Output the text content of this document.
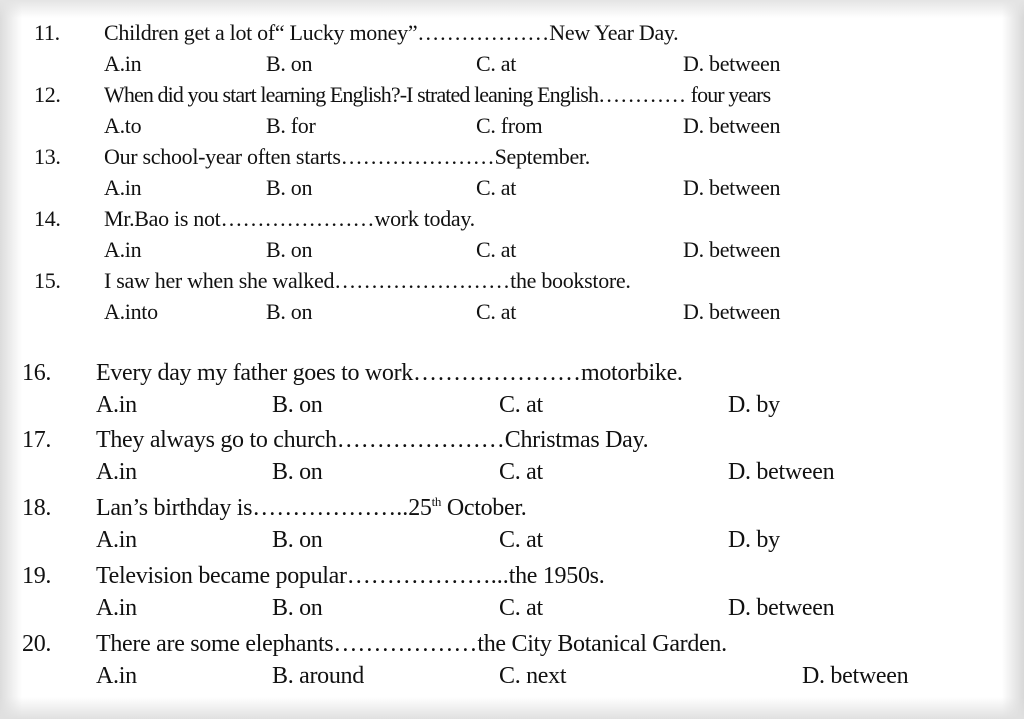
11. Children get a lot of“ Lucky money”………………New Year Day.
A.in	B. on	C. at	D. between
12. When did you start learning English?-I strated leaning English………… four years
A.to	B. for	C. from	D. between
13. Our school-year often starts…………………September.
A.in	B. on	C. at	D. between
14. Mr.Bao is not…………………work today.
A.in	B. on	C. at	D. between
15. I saw her when she walked……………………the bookstore.
A.into	B. on	C. at	D. between
16. Every day my father goes to work…………………motorbike.
A.in	B. on	C. at	D. by
17. They always go to church…………………Christmas Day.
A.in	B. on	C. at	D. between
18. Lan’s birthday is………………..25th October.
A.in	B. on	C. at	D. by
19. Television became popular………………...the 1950s.
A.in	B. on	C. at	D. between
20. There are some elephants………………the City Botanical Garden.
A.in	B. around	C. next	D. between
